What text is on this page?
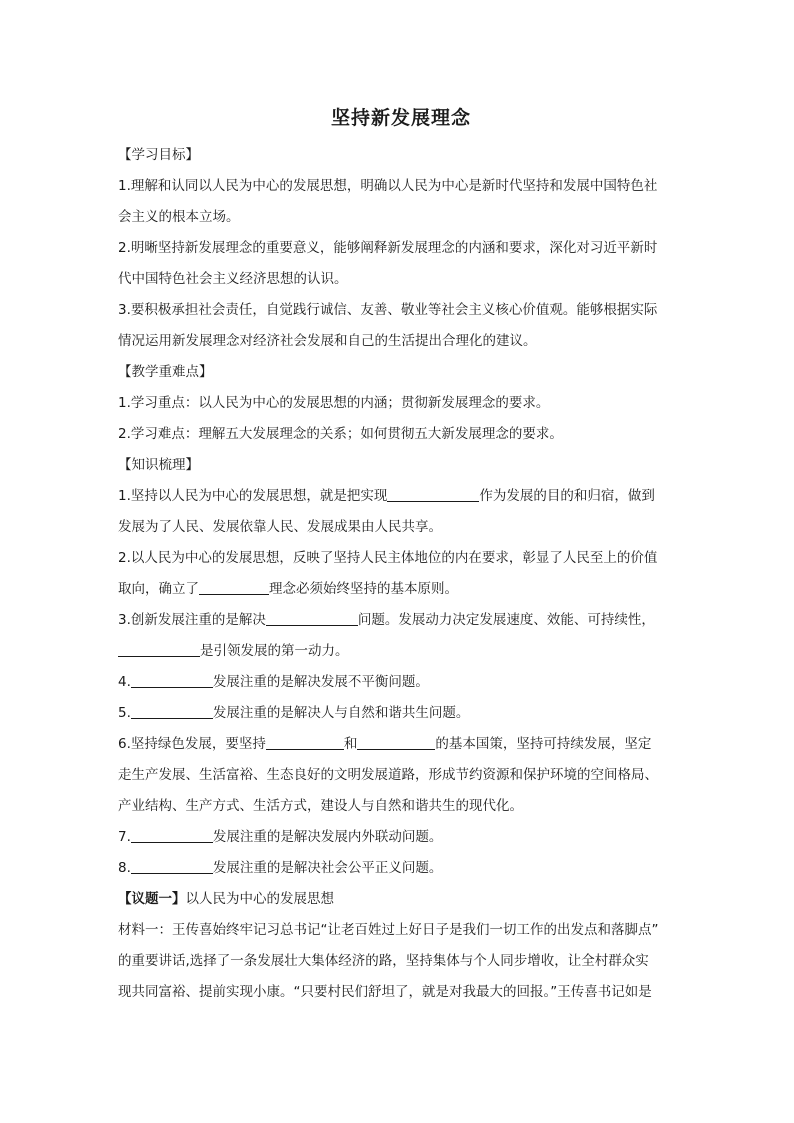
坚持新发展理念
【学习目标】
1.理解和认同以人民为中心的发展思想，明确以人民为中心是新时代坚持和发展中国特色社
会主义的根本立场。
2.明晰坚持新发展理念的重要意义，能够阐释新发展理念的内涵和要求，深化对习近平新时
代中国特色社会主义经济思想的认识。
3.要积极承担社会责任，自觉践行诚信、友善、敬业等社会主义核心价值观。能够根据实际
情况运用新发展理念对经济社会发展和自己的生活提出合理化的建议。
【教学重难点】
1.学习重点：以人民为中心的发展思想的内涵；贯彻新发展理念的要求。
2.学习难点：理解五大发展理念的关系；如何贯彻五大新发展理念的要求。
【知识梳理】
1.坚持以人民为中心的发展思想，就是把实现	作为发展的目的和归宿，做到
发展为了人民、发展依靠人民、发展成果由人民共享。
2.以人民为中心的发展思想，反映了坚持人民主体地位的内在要求，彰显了人民至上的价值
取向，确立了	理念必须始终坚持的基本原则。
3.创新发展注重的是解决	问题。发展动力决定发展速度、效能、可持续性，
是引领发展的第一动力。
4.	发展注重的是解决发展不平衡问题。
5.	发展注重的是解决人与自然和谐共生问题。
6.坚持绿色发展，要坚持	和	的基本国策，坚持可持续发展，坚定
走生产发展、生活富裕、生态良好的文明发展道路，形成节约资源和保护环境的空间格局、
产业结构、生产方式、生活方式，建设人与自然和谐共生的现代化。
7.	发展注重的是解决发展内外联动问题。
8.	发展注重的是解决社会公平正义问题。
【议题一】以人民为中心的发展思想
材料一：王传喜始终牢记习总书记“让老百姓过上好日子是我们一切工作的出发点和落脚点”
的重要讲话,选择了一条发展壮大集体经济的路，坚持集体与个人同步增收，让全村群众实
现共同富裕、提前实现小康。“只要村民们舒坦了，就是对我最大的回报。”王传喜书记如是
